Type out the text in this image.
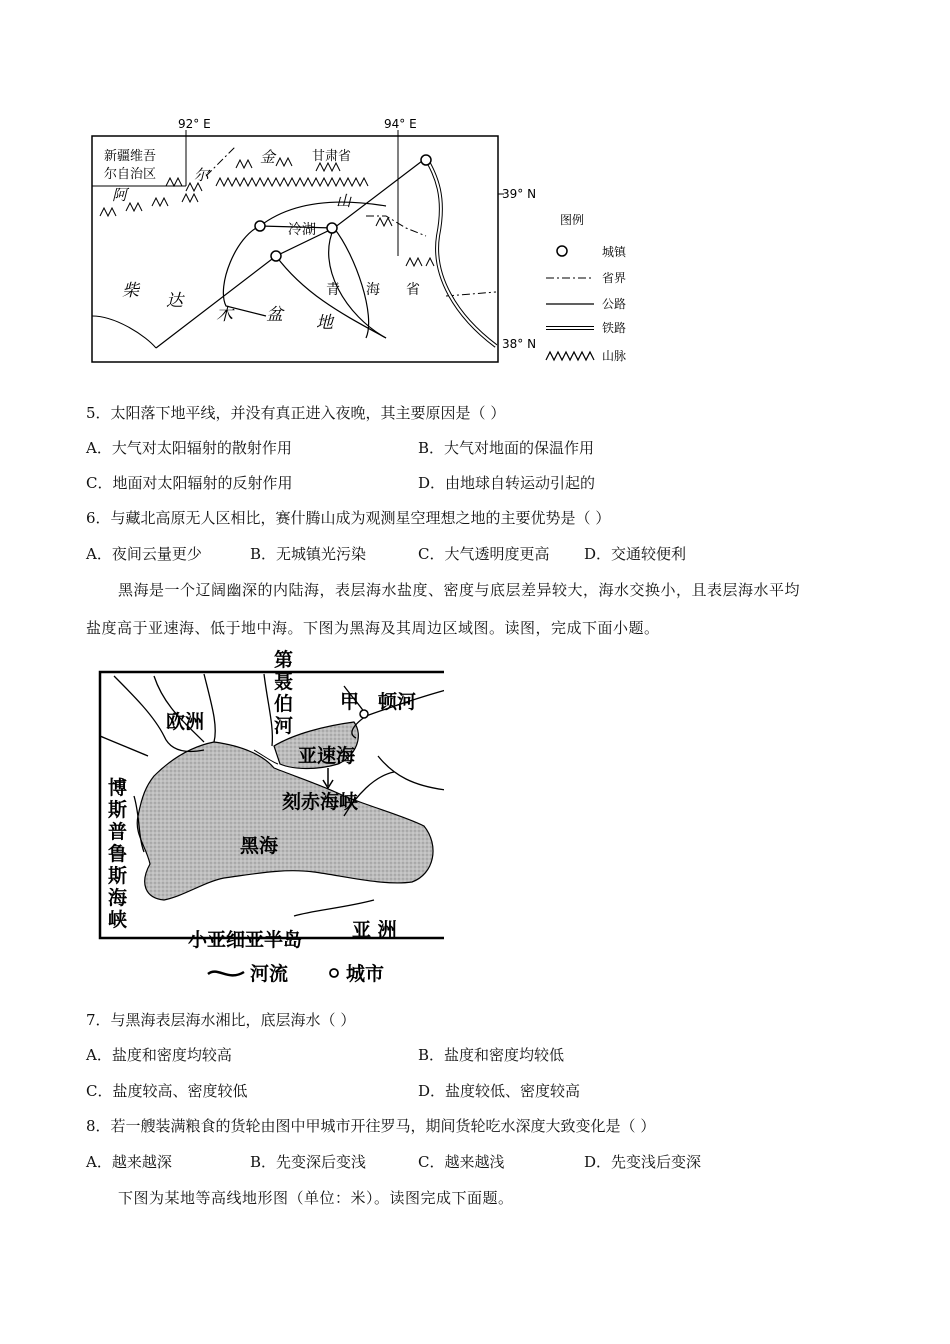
92° E	94° E
39° N
38° N
新疆维吾
尔自治区
甘肃省
阿
尔
金
山
冷湖
柴 达
木 盆 地
青 海 省
图例
城镇
省界
公路
铁路
山脉
5．太阳落下地平线，并没有真正进入夜晚，其主要原因是（ ）
A．大气对太阳辐射的散射作用	B．大气对地面的保温作用
C．地面对太阳辐射的反射作用	D．由地球自转运动引起的
6．与藏北高原无人区相比，赛什腾山成为观测星空理想之地的主要优势是（ ）
A．夜间云量更少	B．无城镇光污染	C．大气透明度更高 D．交通较便利
黑海是一个辽阔幽深的内陆海，表层海水盐度、密度与底层差异较大，海水交换小，且表层海水平均
盐度高于亚速海、低于地中海。下图为黑海及其周边区域图。读图，完成下面小题。
第
聂
伯
河
欧洲
甲 顿河
亚速海
刻赤海峡
黑海
小亚细亚半岛	亚 洲
博
斯
普
鲁
斯
海
峡
河流	城市
7．与黑海表层海水湘比，底层海水（ ）
A．盐度和密度均较高	B．盐度和密度均较低
C．盐度较高、密度较低	D．盐度较低、密度较高
8．若一艘装满粮食的货轮由图中甲城市开往罗马，期间货轮吃水深度大致变化是（ ）
A．越来越深	B．先变深后变浅	C．越来越浅	D．先变浅后变深
下图为某地等高线地形图（单位：米）。读图完成下面题。
